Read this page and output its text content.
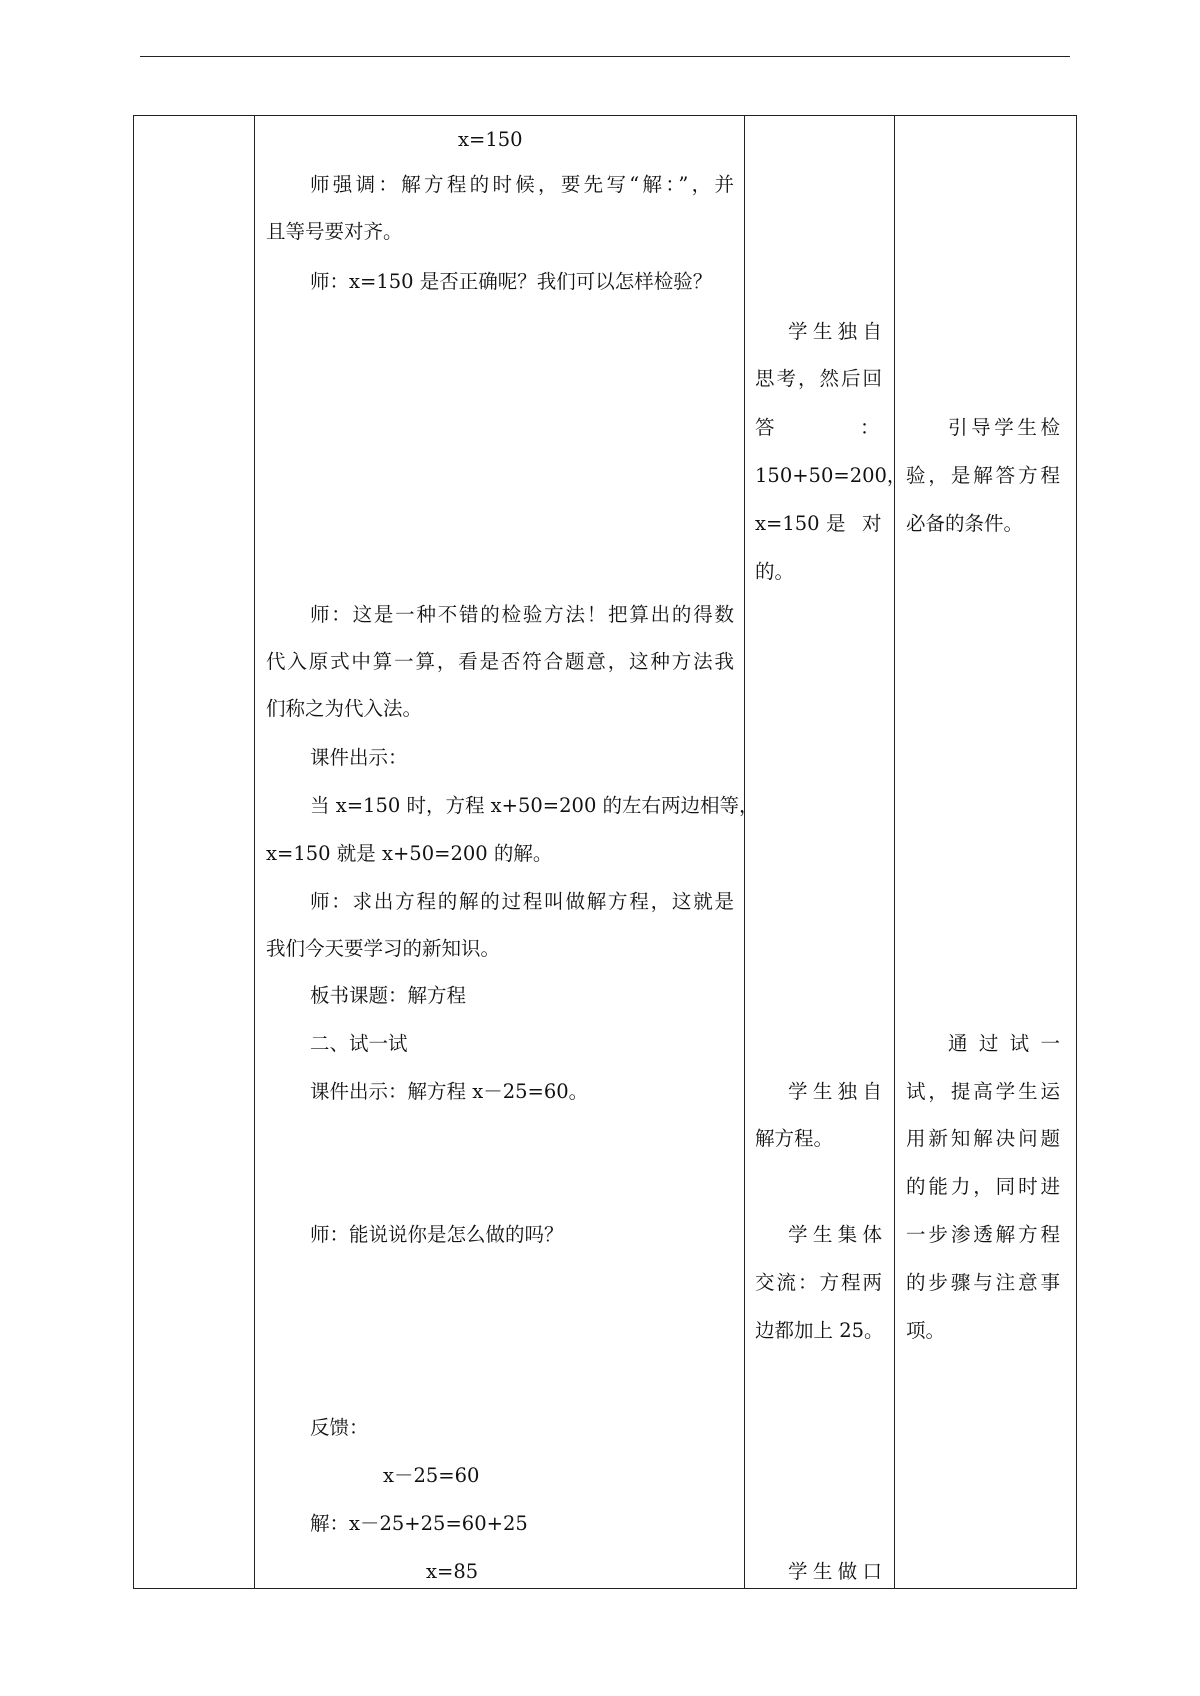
x=150
师强调：解方程的时候，要先写“解：”，并
且等号要对齐。
师：x=150 是否正确呢？我们可以怎样检验？
师：这是一种不错的检验方法！把算出的得数
代入原式中算一算，看是否符合题意，这种方法我
们称之为代入法。
课件出示：
当 x=150 时，方程 x+50=200 的左右两边相等，
x=150 就是 x+50=200 的解。
师：求出方程的解的过程叫做解方程，这就是
我们今天要学习的新知识。
板书课题：解方程
二、试一试
课件出示：解方程 x－25=60。
师：能说说你是怎么做的吗？
反馈：
x－25=60
解：x－25+25=60+25
x=85
学生独自
思考，然后回
答	：
150+50=200，
x=150 是 对
的。
学生独自
解方程。
学生集体
交流：方程两
边都加上 25。
学生做口
引导学生检
验，是解答方程
必备的条件。
通过试一
试，提高学生运
用新知解决问题
的能力，同时进
一步渗透解方程
的步骤与注意事
项。
